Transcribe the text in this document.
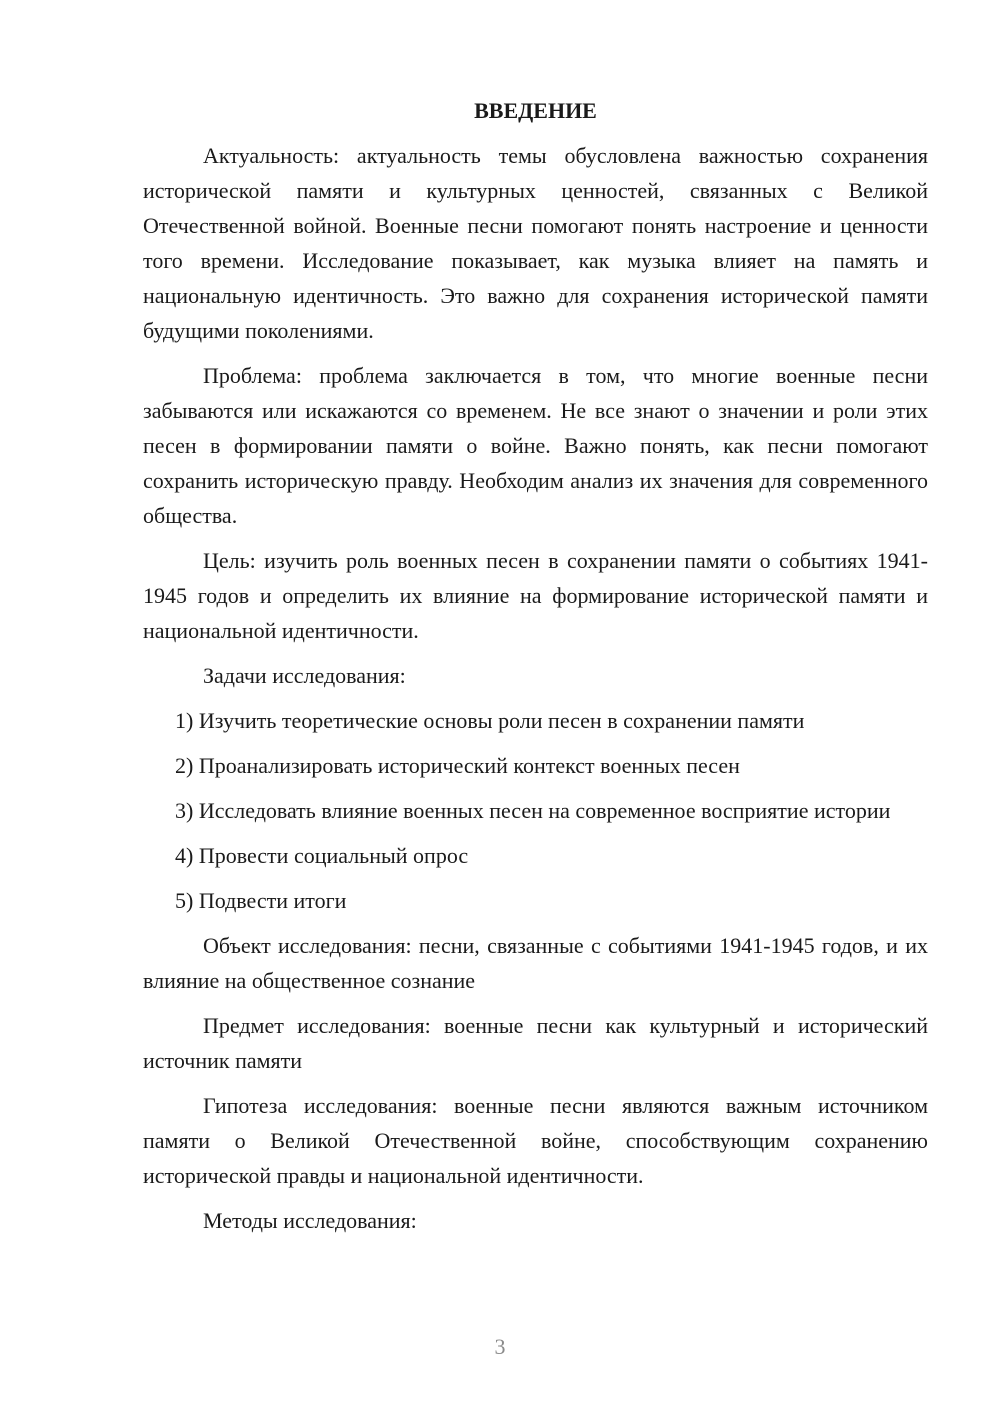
ВВЕДЕНИЕ

Актуальность: актуальность темы обусловлена важностью сохранения исторической памяти и культурных ценностей, связанных с Великой Отечественной войной. Военные песни помогают понять настроение и ценности того времени. Исследование показывает, как музыка влияет на память и национальную идентичность. Это важно для сохранения исторической памяти будущими поколениями.

Проблема: проблема заключается в том, что многие военные песни забываются или искажаются со временем. Не все знают о значении и роли этих песен в формировании памяти о войне. Важно понять, как песни помогают сохранить историческую правду. Необходим анализ их значения для современного общества.

Цель: изучить роль военных песен в сохранении памяти о событиях 1941-1945 годов и определить их влияние на формирование исторической памяти и национальной идентичности.

Задачи исследования:

1) Изучить теоретические основы роли песен в сохранении памяти

2) Проанализировать исторический контекст военных песен

3) Исследовать влияние военных песен на современное восприятие истории

4) Провести социальный опрос

5) Подвести итоги

Объект исследования: песни, связанные с событиями 1941-1945 годов, и их влияние на общественное сознание

Предмет исследования: военные песни как культурный и исторический источник памяти

Гипотеза исследования: военные песни являются важным источником памяти о Великой Отечественной войне, способствующим сохранению исторической правды и национальной идентичности.

Методы исследования:

3
